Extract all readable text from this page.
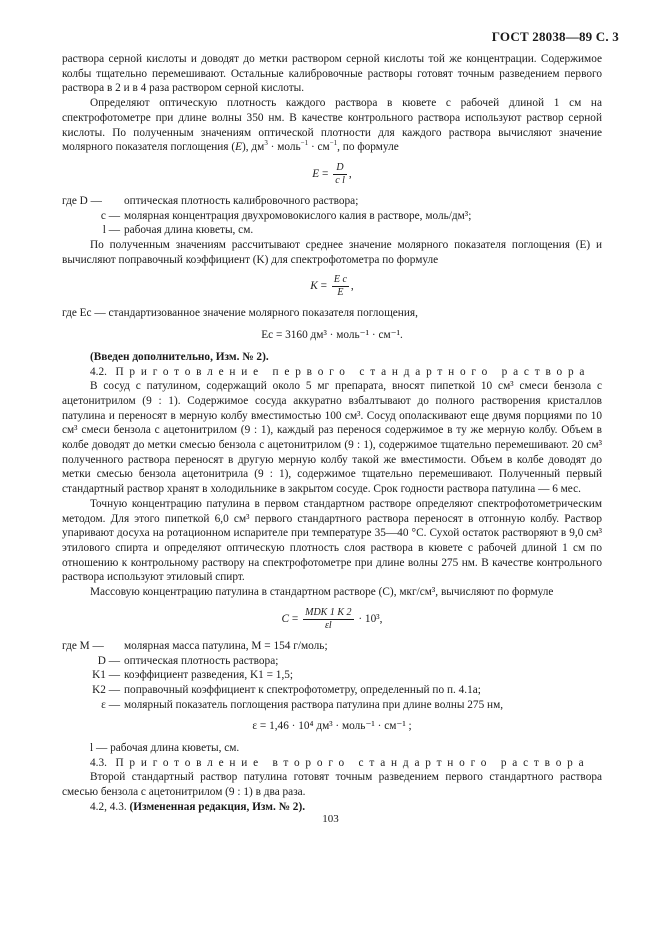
ГОСТ 28038—89 С. 3

раствора серной кислоты и доводят до метки раствором серной кислоты той же концентрации. Содержимое колбы тщательно перемешивают. Остальные калибровочные растворы готовят точным разведением первого раствора в 2 и в 4 раза раствором серной кислоты.

Определяют оптическую плотность каждого раствора в кювете с рабочей длиной 1 см на спектрофотометре при длине волны 350 нм. В качестве контрольного раствора используют раствор серной кислоты. По полученным значениям оптической плотности для каждого раствора вычисляют значение молярного показателя поглощения (E), $дм^3$ · моль$^{-1}$ · $см^{-1}$, по формуле

$E = \frac{D}{\text{c l}}$ ,
где D —	оптическая плотность калибровочного раствора;
c — молярная концентрация двухромовокислого калия в растворе, моль/дм³;
l — рабочая длина кюветы, см.

По полученным значениям рассчитывают среднее значение молярного показателя поглощения (E) и вычисляют поправочный коэффициент (K) для спектрофотометра по формуле

$K = \frac{\text{E c}}{E}$ ,

где Eс — стандартизованное значение молярного показателя поглощения,

Eс = 3160 дм³ · моль⁻¹ · см⁻¹.

(Введен дополнительно, Изм. № 2).

4.2. Приготовление первого стандартного раствора

В сосуд с патулином, содержащий около 5 мг препарата, вносят пипеткой 10 см³ смеси бензола с ацетонитрилом (9 : 1). Содержимое сосуда аккуратно взбалтывают до полного растворения кристаллов патулина и переносят в мерную колбу вместимостью 100 см³. Сосуд ополаскивают еще двумя порциями по 10 см³ смеси бензола с ацетонитрилом (9 : 1), каждый раз перенося содержимое в ту же мерную колбу. Объем в колбе доводят до метки смесью бензола с ацетонитрилом (9 : 1), содержимое тщательно перемешивают. 20 см³ полученного раствора переносят в другую мерную колбу такой же вместимости. Объем в колбе доводят до метки смесью бензола ацетонитрила (9 : 1), содержимое тщательно перемешивают. Полученный первый стандартный раствор хранят в холодильнике в закрытом сосуде. Срок годности раствора патулина — 6 мес.

Точную концентрацию патулина в первом стандартном растворе определяют спектрофотометрическим методом. Для этого пипеткой 6,0 см³ первого стандартного раствора переносят в отгонную колбу. Раствор упаривают досуха на ротационном испарителе при температуре 35—40 °С. Сухой остаток растворяют в 9,0 см³ этилового спирта и определяют оптическую плотность слоя раствора в кювете с рабочей длиной 1 см по отношению к контрольному раствору на спектрофотометре при длине волны 275 нм. В качестве контрольного раствора используют этиловый спирт.

Массовую концентрацию патулина в стандартном растворе (С), мкг/см³, вычисляют по формуле

$C = \frac{\text{MDK 1 K 2}}{\varepsilon l} \cdot 10^3$,
где M —	молярная масса патулина, M = 154 г/моль;
D — оптическая плотность раствора;
K1 — коэффициент разведения, K1 = 1,5;
K2 — поправочный коэффициент к спектрофотометру, определенный по п. 4.1а;
ε — молярный показатель поглощения раствора патулина при длине волны 275 нм,
ε = 1,46 · 10⁴ дм³ · моль⁻¹ · см⁻¹ ;

l — рабочая длина кюветы, см.

4.3. Приготовление второго стандартного раствора

Второй стандартный раствор патулина готовят точным разведением первого стандартного раствора смесью бензола с ацетонитрилом (9 : 1) в два раза.

4.2, 4.3. (Измененная редакция, Изм. № 2).

103
